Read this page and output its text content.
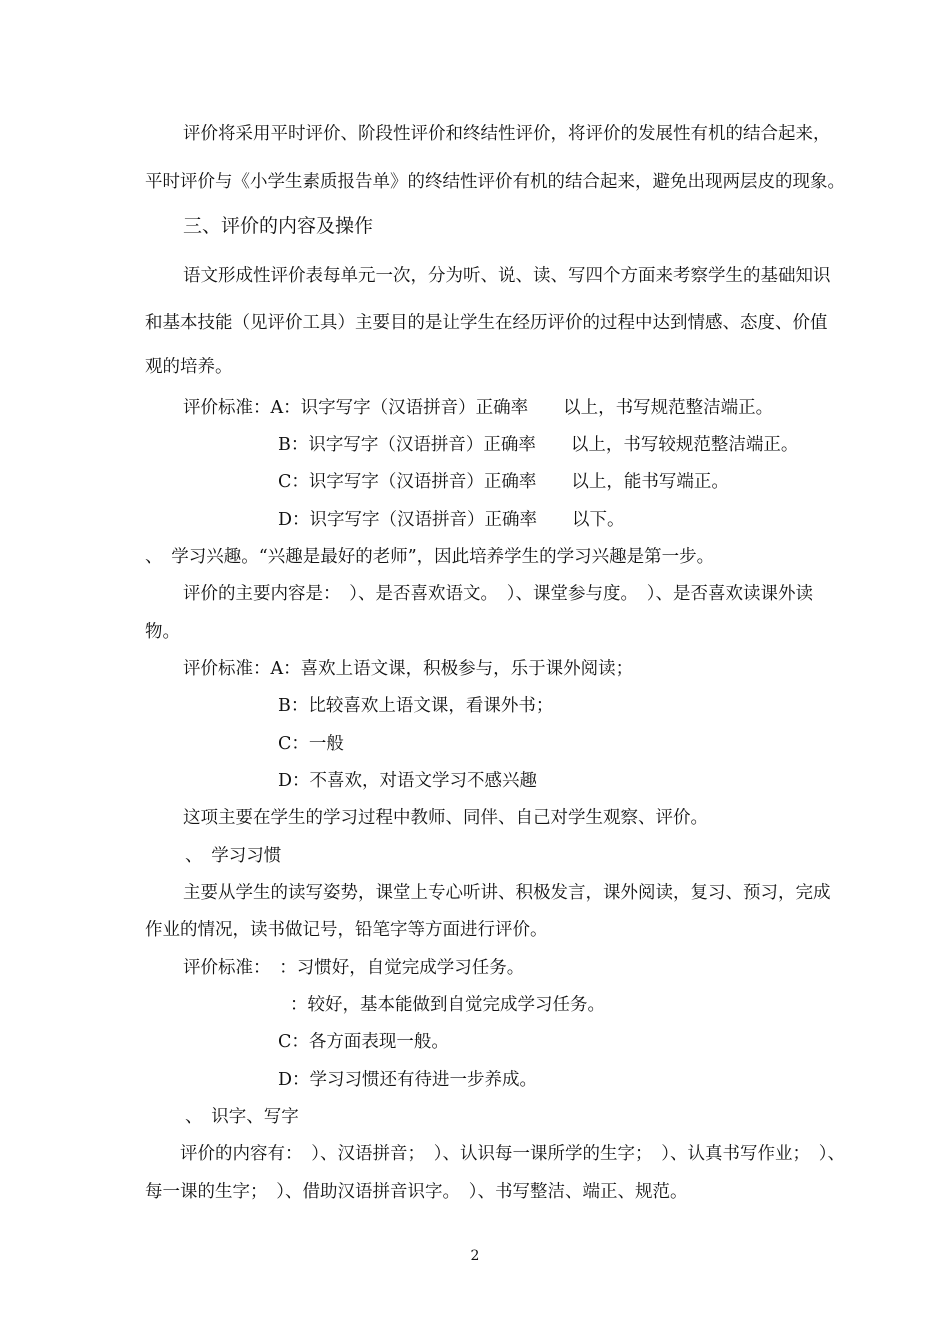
评价将采用平时评价、阶段性评价和终结性评价，将评价的发展性有机的结合起来，
平时评价与《小学生素质报告单》的终结性评价有机的结合起来，避免出现两层皮的现象。
三、评价的内容及操作
语文形成性评价表每单元一次，分为听、说、读、写四个方面来考察学生的基础知识
和基本技能（见评价工具）主要目的是让学生在经历评价的过程中达到情感、态度、价值
观的培养。
评价标准：A：识字写字（汉语拼音）正确率　　以上，书写规范整洁端正。
B：识字写字（汉语拼音）正确率　　以上，书写较规范整洁端正。
C：识字写字（汉语拼音）正确率　　以上，能书写端正。
D：识字写字（汉语拼音）正确率　　以下。
、　学习兴趣。“兴趣是最好的老师”，因此培养学生的学习兴趣是第一步。
评价的主要内容是：　）、是否喜欢语文。　）、课堂参与度。　）、是否喜欢读课外读
物。
评价标准：A：喜欢上语文课，积极参与，乐于课外阅读；
B：比较喜欢上语文课，看课外书；
C：一般
D：不喜欢，对语文学习不感兴趣
这项主要在学生的学习过程中教师、同伴、自己对学生观察、评价。
、　学习习惯
主要从学生的读写姿势，课堂上专心听讲、积极发言，课外阅读，复习、预习，完成
作业的情况，读书做记号，铅笔字等方面进行评价。
评价标准：　：习惯好，自觉完成学习任务。
：较好，基本能做到自觉完成学习任务。
C：各方面表现一般。
D：学习习惯还有待进一步养成。
、　识字、写字
评价的内容有：　）、汉语拼音；　）、认识每一课所学的生字；　）、认真书写作业；　）、
每一课的生字；　）、借助汉语拼音识字。　）、书写整洁、端正、规范。
2
